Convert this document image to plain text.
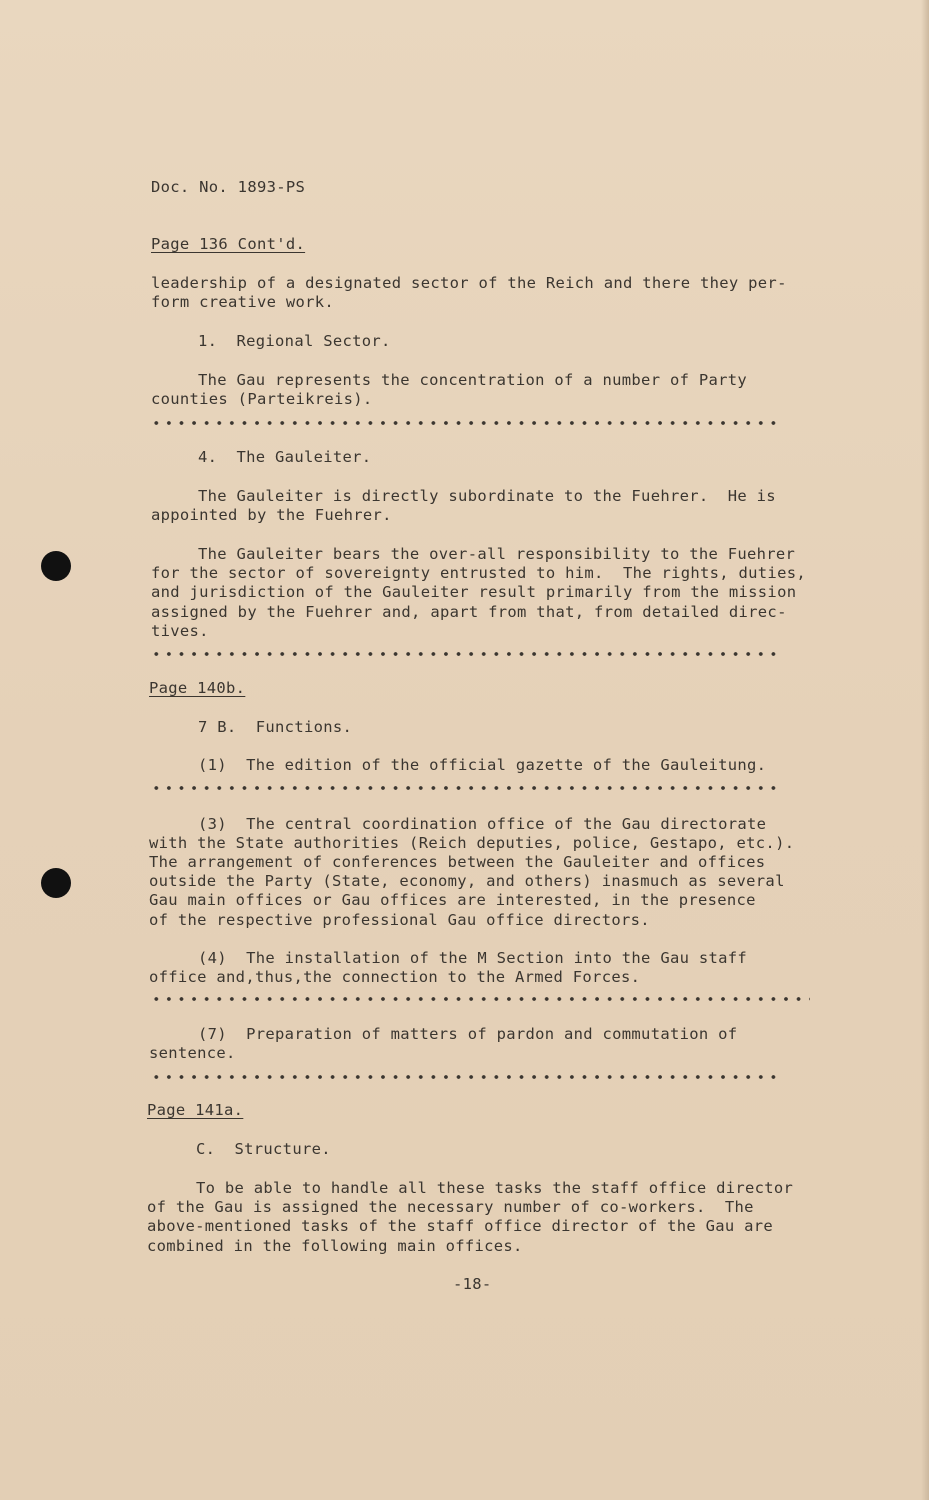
Doc. No. 1893-PS
Page 136 Cont'd.
leadership of a designated sector of the Reich and there they per-
form creative work.
1.  Regional Sector.
The Gau represents the concentration of a number of Party
counties (Parteikreis).
4.  The Gauleiter.
The Gauleiter is directly subordinate to the Fuehrer.  He is
appointed by the Fuehrer.
The Gauleiter bears the over-all responsibility to the Fuehrer
for the sector of sovereignty entrusted to him.  The rights, duties,
and jurisdiction of the Gauleiter result primarily from the mission
assigned by the Fuehrer and, apart from that, from detailed direc-
tives.
Page 140b.
7 B.  Functions.
(1)  The edition of the official gazette of the Gauleitung.
(3)  The central coordination office of the Gau directorate
with the State authorities (Reich deputies, police, Gestapo, etc.).
The arrangement of conferences between the Gauleiter and offices
outside the Party (State, economy, and others) inasmuch as several
Gau main offices or Gau offices are interested, in the presence
of the respective professional Gau office directors.
(4)  The installation of the M Section into the Gau staff
office and,thus,the connection to the Armed Forces.
(7)  Preparation of matters of pardon and commutation of
sentence.
Page 141a.
C.  Structure.
To be able to handle all these tasks the staff office director
of the Gau is assigned the necessary number of co-workers.  The
above-mentioned tasks of the staff office director of the Gau are
combined in the following main offices.
-18-
